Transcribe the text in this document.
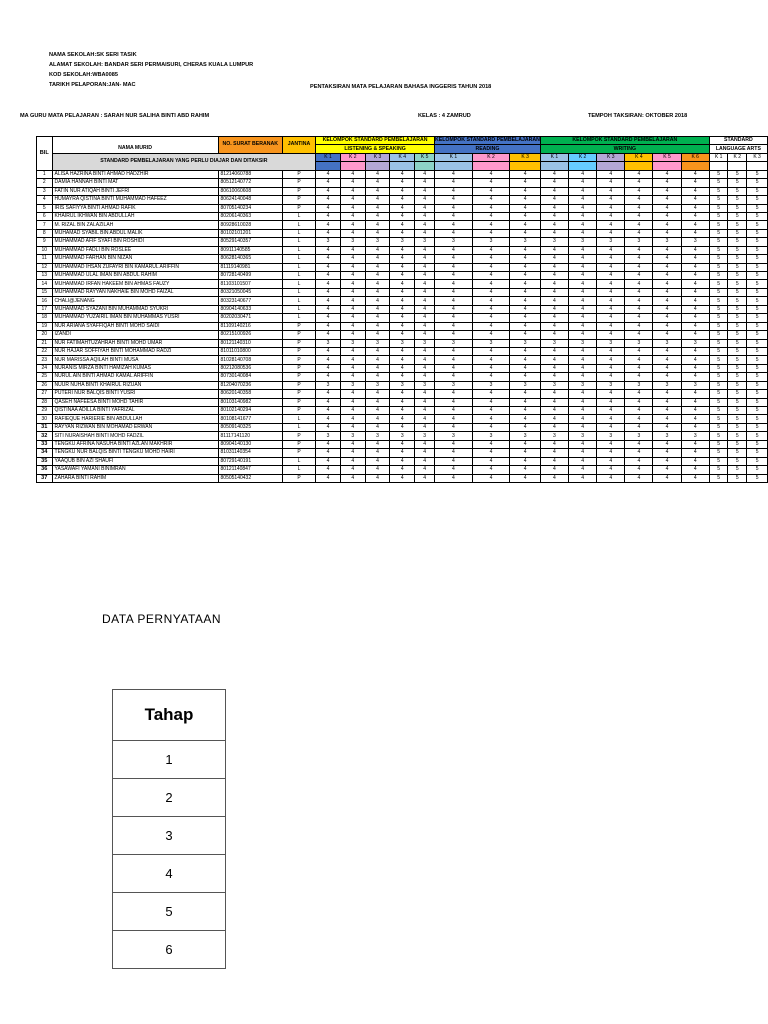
NAMA SEKOLAH:SK SERI TASIK
ALAMAT SEKOLAH: BANDAR SERI PERMAISURI, CHERAS KUALA LUMPUR
KOD SEKOLAH:WBA0085
TARIKH PELAPORAN:JAN- MAC	PENTAKSIRAN MATA PELAJARAN BAHASA INGGERIS TAHUN 2018
MA GURU MATA PELAJARAN : SARAH NUR SALIHA BINTI ABD RAHIM	KELAS : 4 ZAMRUD	TEMPOH TAKSIRAN: OKTOBER 2018
BIL		NO. SURAT BERANAK	JANTINA	KELOMPOK STANDARD PEMBELAJARAN					KELOMPOK STANDARD PEMBELAJARAN			KELOMPOK STANDARD PEMBELAJARAN						STANDARD		
	NAMA MURID			LISTENING & SPEAKING					READING			WRITING						LANGUAGE ARTS		
	STANDARD PEMBELAJARAN YANG PERLU DIAJAR DAN DITAKSIR			K 1	K 2	K 3	K 4	K 5	K 1	K 2	K 3	K 1	K 2	K 3	K 4	K 5	K 6	K 1	K 2	K 3

1	ALISA HAZRINA BINTI AHMAD HADZHIR	81214060788	P	4	4	4	4	4	4	4	4	4	4	4	4	4	4	5	5	5
2	DAMIA HANNAH BINTI MAT	80512140772	P	4	4	4	4	4	4	4	4	4	4	4	4	4	4	5	5	5
3	FATIN NUR ATIQAH BINTI JEFRI	80610060608	P	4	4	4	4	4	4	4	4	4	4	4	4	4	4	5	5	5
4	HUMAYRA QISTINA BINTI MUHAMMAD HAFEEZ	80624140048	P	4	4	4	4	4	4	4	4	4	4	4	4	4	4	5	5	5
5	IRIS SAFIYYA BINTI AHMAD RAFIK	80705140234	P	4	4	4	4	4	4	4	4	4	4	4	4	4	4	5	5	5
6	KHAIRUL IKHWAN BIN ABDULLAH	80206140363	L	4	4	4	4	4	4	4	4	4	4	4	4	4	4	5	5	5
7	M. RIZAL BIN ZALAZILAH	80928610028	L	4	4	4	4	4	4	4	4	4	4	4	4	4	4	5	5	5
8	MUHAMAD SYABIL BIN ABDUL MALIK	80102101201	L	4	4	4	4	4	4	4	4	4	4	4	4	4	4	5	5	5
9	MUHAMMAD AFIF SYAFI BIN ROSHIDI	80529140357	L	3	3	3	3	3	3	3	3	3	3	3	3	3	3	5	5	5
10	MUHAMMAD FADLI BIN ROSLEE	80911140585	L	4	4	4	4	4	4	4	4	4	4	4	4	4	4	5	5	5
11	MUHAMMAD FARHAN BIN NIZAN	80628140365	L	4	4	4	4	4	4	4	4	4	4	4	4	4	4	5	5	5
12	MUHAMMAD IHSAN ZUFAYRI BIN KAMARUL ARIFFIN	81119140981	L	4	4	4	4	4	4	4	4	4	4	4	4	4	4	5	5	5
13	MUHAMMAD ULAL IMAN BIN ABDUL RAHIM	80728140499	L	4	4	4	4	4	4	4	4	4	4	4	4	4	4	5	5	5
14	MUHAMMAD IRFAN HAKEEM BIN AHMAS FAUZY	81103101507	L	4	4	4	4	4	4	4	4	4	4	4	4	4	4	5	5	5
15	MUHAMMAD RAYYAN NAKHAIE BIN MOHD FAIZAL	80321050045	L	4	4	4	4	4	4	4	4	4	4	4	4	4	4	5	5	5
16	CHALI@JENANG	80323140677	L	4	4	4	4	4	4	4	4	4	4	4	4	4	4	5	5	5
17	MUHAMMAD SYAZANI BIN MUHAMMAD SYUKRI	80904140633	L	4	4	4	4	4	4	4	4	4	4	4	4	4	4	5	5	5
18	MUHAMMAD YUZAIRIL IMAN BIN MUHAMMAS YUSRI	80202030471	L	4	4	4	4	4	4	4	4	4	4	4	4	4	4	5	5	5
19	NUR ARIANA SYAFFIQAH BINTI MOHD SAIDI	81109140216	P	4	4	4	4	4	4	4	4	4	4	4	4	4	4	5	5	5
20	IZANDI	80215100926	P	4	4	4	4	4	4	4	4	4	4	4	4	4	4	5	5	5
21	NUR FATIMAHTUZAHRAH BINTI MOHD UMAR	80121140310	P	3	3	3	3	3	3	3	3	3	3	3	3	3	3	5	5	5
22	NUR HAJAR SOFFIYAH BINTI MOHAMMAD RADZI	81011010800	P	4	4	4	4	4	4	4	4	4	4	4	4	4	4	5	5	5
23	NUR MARISSA AQILAH BINTI MUSA	81028140708	P	4	4	4	4	4	4	4	4	4	4	4	4	4	4	5	5	5
24	NURANIS MIRZA BINTI HAMIZAH KUMAS	80212080536	P	4	4	4	4	4	4	4	4	4	4	4	4	4	4	5	5	5
25	NURUL AIN BINTI AHMAD KAMAL ARIFFIN	80730140084	P	4	4	4	4	4	4	4	4	4	4	4	4	4	4	5	5	5
26	NUUR NUHA BINTI KHAIRUL RIZUAN	81204070236	P	3	3	3	3	3	3	3	3	3	3	3	3	3	3	5	5	5
27	PUTERI NUR BALQIS BINTI YUSRI	80620140358	P	4	4	4	4	4	4	4	4	4	4	4	4	4	4	5	5	5
28	QASEH NAFEESA BINTI MOHD TAHIR	80103140982	P	4	4	4	4	4	4	4	4	4	4	4	4	4	4	5	5	5
29	QISTINAA ADILLA BINTI YAFRIZAL	80102140294	P	4	4	4	4	4	4	4	4	4	4	4	4	4	4	5	5	5
30	RAFIEQUE HARIERIE BIN ABDULLAH	80108141677	L	4	4	4	4	4	4	4	4	4	4	4	4	4	4	5	5	5
31	RAYYAN RIZWAN BIN MOHAMAD ERWAN	80509140325	L	4	4	4	4	4	4	4	4	4	4	4	4	4	4	5	5	5
32	SITI NURAISHAH BINTI MOHD FADZIL	81117141120	P	3	3	3	3	3	3	3	3	3	3	3	3	3	3	5	5	5
33	TENGKU AFRINA NASUHA BINTI AZLAN MAKHRIR	80904140130	P	4	4	4	4	4	4	4	4	4	4	4	4	4	4	5	5	5
34	TENGKU NUR BALQIS BINTI TENGKU MOHD HAIRI	81031140354	P	4	4	4	4	4	4	4	4	4	4	4	4	4	4	5	5	5
35	YAAQUB BIN AZI SHAUFI	80729140191	L	4	4	4	4	4	4	4	4	4	4	4	4	4	4	5	5	5
36	YASAWAFI YAMANI BINIMRAN	80121140847	L	4	4	4	4	4	4	4	4	4	4	4	4	4	4	5	5	5
37	ZAHARA BINTI RAHIM	80505140432	P	4	4	4	4	4	4	4	4	4	4	4	4	4	4	5	5	5
DATA PERNYATAAN
Tahap
1
2
3
4
5
6
